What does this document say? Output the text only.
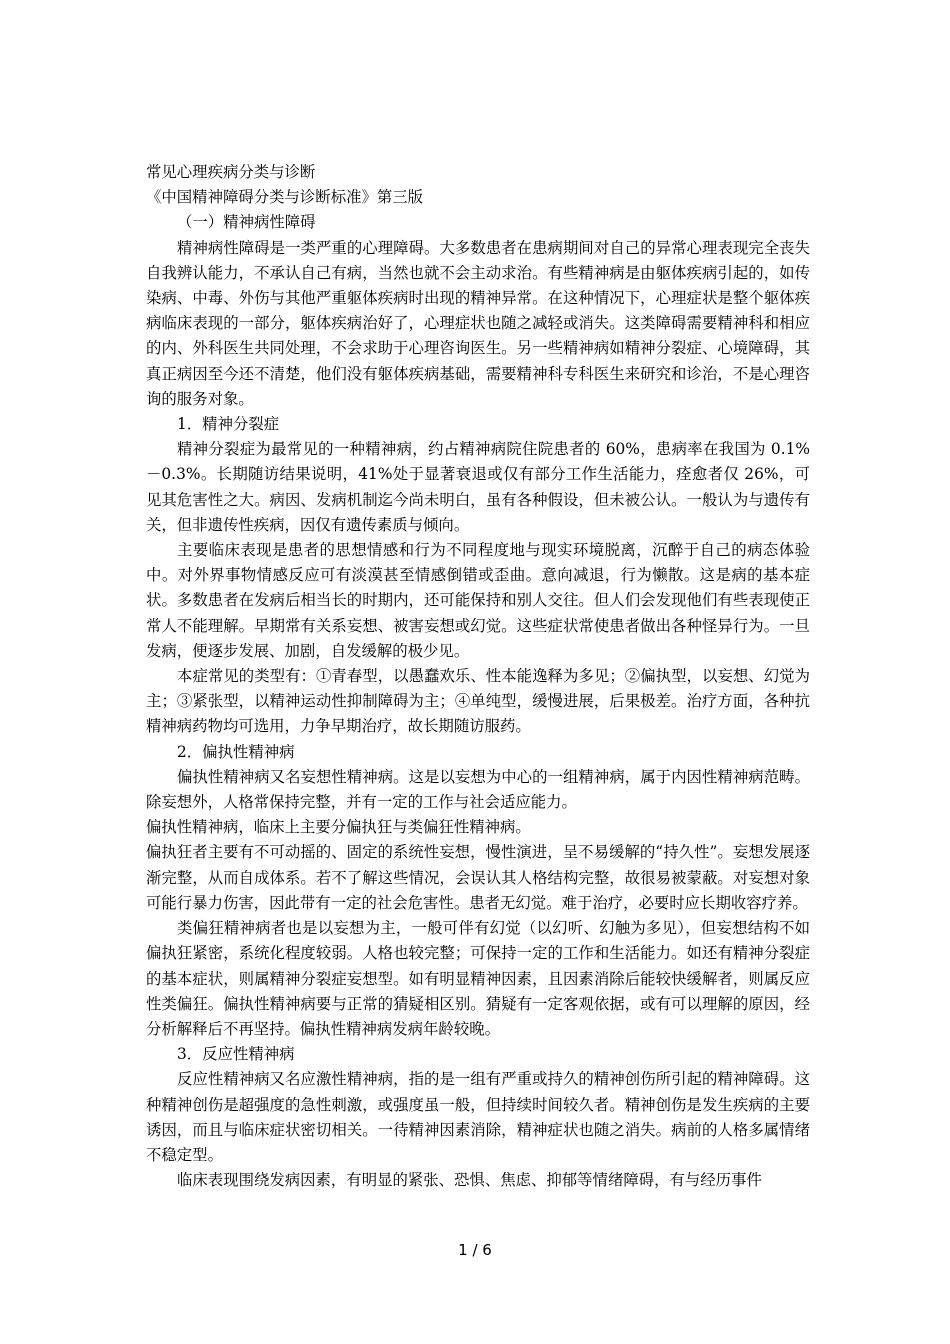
常见心理疾病分类与诊断

《中国精神障碍分类与诊断标准》第三版

（一）精神病性障碍

精神病性障碍是一类严重的心理障碍。大多数患者在患病期间对自己的异常心理表现完全丧失自我辨认能力，不承认自己有病，当然也就不会主动求治。有些精神病是由躯体疾病引起的，如传染病、中毒、外伤与其他严重躯体疾病时出现的精神异常。在这种情况下，心理症状是整个躯体疾病临床表现的一部分，躯体疾病治好了，心理症状也随之减轻或消失。这类障碍需要精神科和相应的内、外科医生共同处理，不会求助于心理咨询医生。另一些精神病如精神分裂症、心境障碍，其真正病因至今还不清楚，他们没有躯体疾病基础，需要精神科专科医生来研究和诊治，不是心理咨询的服务对象。

1．精神分裂症

精神分裂症为最常见的一种精神病，约占精神病院住院患者的 60%，患病率在我国为 0.1%－0.3%。长期随访结果说明，41%处于显著衰退或仅有部分工作生活能力，痊愈者仅 26%，可见其危害性之大。病因、发病机制迄今尚未明白，虽有各种假设，但未被公认。一般认为与遗传有关，但非遗传性疾病，因仅有遗传素质与倾向。

主要临床表现是患者的思想情感和行为不同程度地与现实环境脱离，沉醉于自己的病态体验中。对外界事物情感反应可有淡漠甚至情感倒错或歪曲。意向减退，行为懒散。这是病的基本症状。多数患者在发病后相当长的时期内，还可能保持和别人交往。但人们会发现他们有些表现使正常人不能理解。早期常有关系妄想、被害妄想或幻觉。这些症状常使患者做出各种怪异行为。一旦发病，便逐步发展、加剧，自发缓解的极少见。

本症常见的类型有：①青春型，以愚蠢欢乐、性本能逸释为多见；②偏执型，以妄想、幻觉为主；③紧张型，以精神运动性抑制障碍为主；④单纯型，缓慢进展，后果极差。治疗方面，各种抗精神病药物均可选用，力争早期治疗，故长期随访服药。

2．偏执性精神病

偏执性精神病又名妄想性精神病。这是以妄想为中心的一组精神病，属于内因性精神病范畴。除妄想外，人格常保持完整，并有一定的工作与社会适应能力。

偏执性精神病，临床上主要分偏执狂与类偏狂性精神病。

偏执狂者主要有不可动摇的、固定的系统性妄想，慢性演进，呈不易缓解的“持久性”。妄想发展逐渐完整，从而自成体系。若不了解这些情况，会误认其人格结构完整，故很易被蒙蔽。对妄想对象可能行暴力伤害，因此带有一定的社会危害性。患者无幻觉。难于治疗，必要时应长期收容疗养。

类偏狂精神病者也是以妄想为主，一般可伴有幻觉（以幻听、幻触为多见），但妄想结构不如偏执狂紧密，系统化程度较弱。人格也较完整；可保持一定的工作和生活能力。如还有精神分裂症的基本症状，则属精神分裂症妄想型。如有明显精神因素，且因素消除后能较快缓解者，则属反应性类偏狂。偏执性精神病要与正常的猜疑相区别。猜疑有一定客观依据，或有可以理解的原因，经分析解释后不再坚持。偏执性精神病发病年龄较晚。

3．反应性精神病

反应性精神病又名应激性精神病，指的是一组有严重或持久的精神创伤所引起的精神障碍。这种精神创伤是超强度的急性刺激，或强度虽一般，但持续时间较久者。精神创伤是发生疾病的主要诱因，而且与临床症状密切相关。一待精神因素消除，精神症状也随之消失。病前的人格多属情绪不稳定型。

临床表现围绕发病因素，有明显的紧张、恐惧、焦虑、抑郁等情绪障碍，有与经历事件

1 / 6
